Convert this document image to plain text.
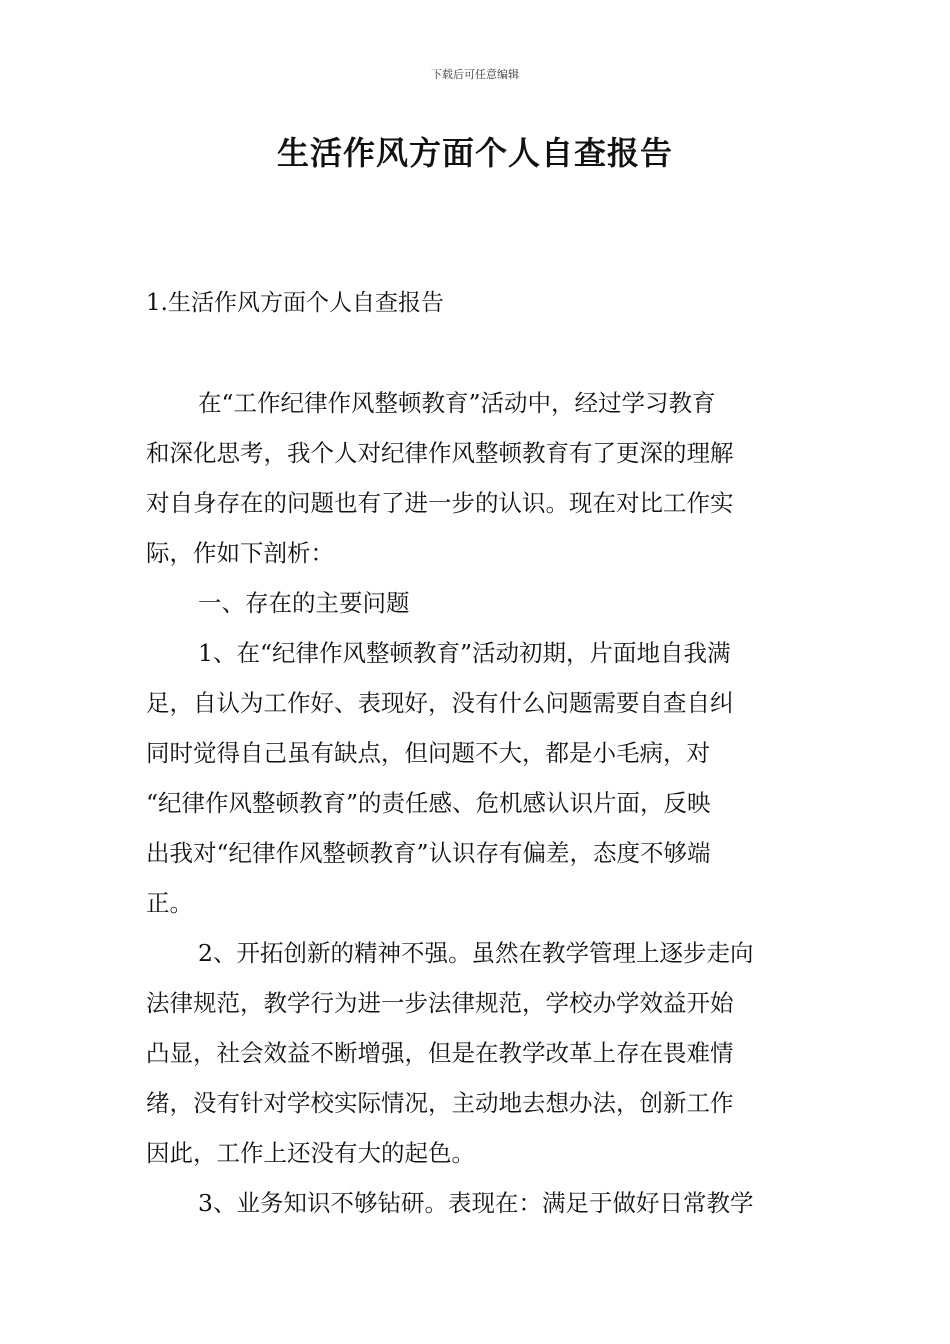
下载后可任意编辑
生活作风方面个人自查报告
1.生活作风方面个人自查报告

在“工作纪律作风整顿教育”活动中，经过学习教育
和深化思考，我个人对纪律作风整顿教育有了更深的理解
对自身存在的问题也有了进一步的认识。现在对比工作实
际，作如下剖析：

一、存在的主要问题

1、在“纪律作风整顿教育”活动初期，片面地自我满
足，自认为工作好、表现好，没有什么问题需要自查自纠
同时觉得自己虽有缺点，但问题不大，都是小毛病，对
“纪律作风整顿教育”的责任感、危机感认识片面，反映
出我对“纪律作风整顿教育”认识存有偏差，态度不够端
正。

2、开拓创新的精神不强。虽然在教学管理上逐步走向
法律规范，教学行为进一步法律规范，学校办学效益开始
凸显，社会效益不断增强，但是在教学改革上存在畏难情
绪，没有针对学校实际情况，主动地去想办法，创新工作
因此，工作上还没有大的起色。

3、业务知识不够钻研。表现在：满足于做好日常教学
